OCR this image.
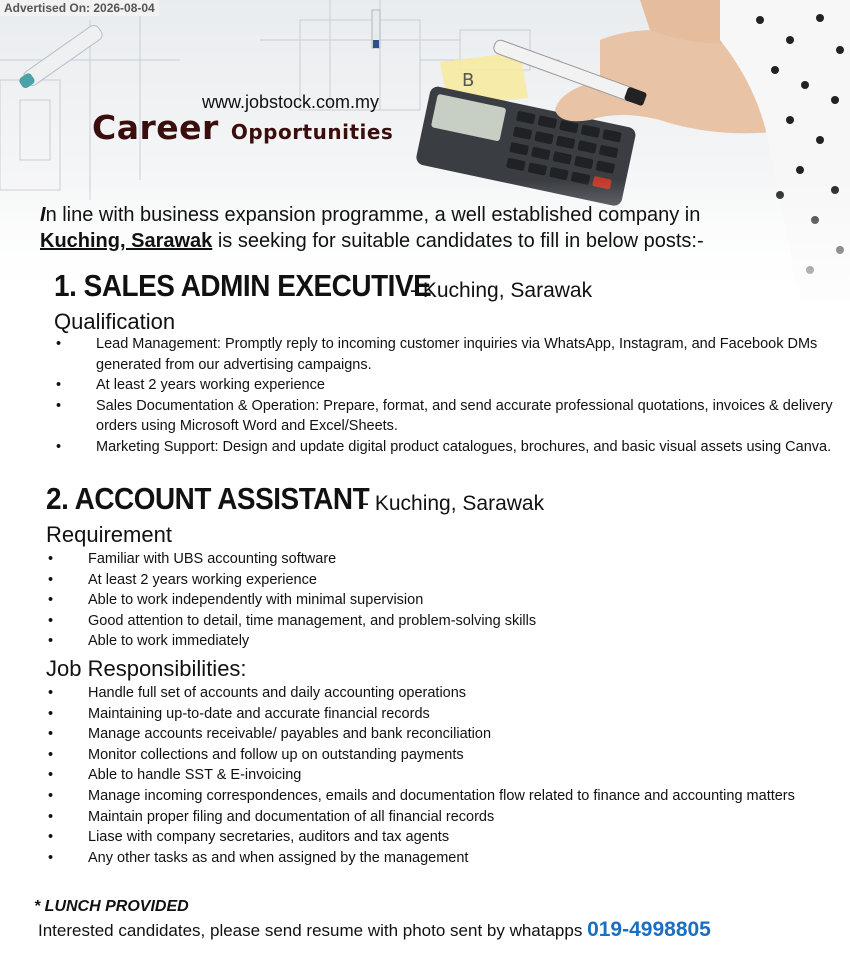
B
Advertised On: 2026-08-04
www.jobstock.com.my
Career Opportunities
In line with business expansion programme, a well established company in
Kuching, Sarawak is seeking for suitable candidates to fill in below posts:-
1. SALES ADMIN EXECUTIVE
- Kuching, Sarawak
Qualification
• Lead Management: Promptly reply to incoming customer inquiries via WhatsApp, Instagram, and Facebook DMs generated from our advertising campaigns.
• At least 2 years working experience
• Sales Documentation & Operation: Prepare, format, and send accurate professional quotations, invoices & delivery orders using Microsoft Word and Excel/Sheets.
• Marketing Support: Design and update digital product catalogues, brochures, and basic visual assets using Canva.
2. ACCOUNT ASSISTANT
- Kuching, Sarawak
Requirement
• Familiar with UBS accounting software
• At least 2 years working experience
• Able to work independently with minimal supervision
• Good attention to detail, time management, and problem-solving skills
• Able to work immediately
Job Responsibilities:
• Handle full set of accounts and daily accounting operations
• Maintaining up-to-date and accurate financial records
• Manage accounts receivable/ payables and bank reconciliation
• Monitor collections and follow up on outstanding payments
• Able to handle SST & E-invoicing
• Manage incoming correspondences, emails and documentation flow related to finance and accounting matters
• Maintain proper filing and documentation of all financial records
• Liase with company secretaries, auditors and tax agents
• Any other tasks as and when assigned by the management
* LUNCH PROVIDED
Interested candidates, please send resume with photo sent by whatapps 019-4998805
